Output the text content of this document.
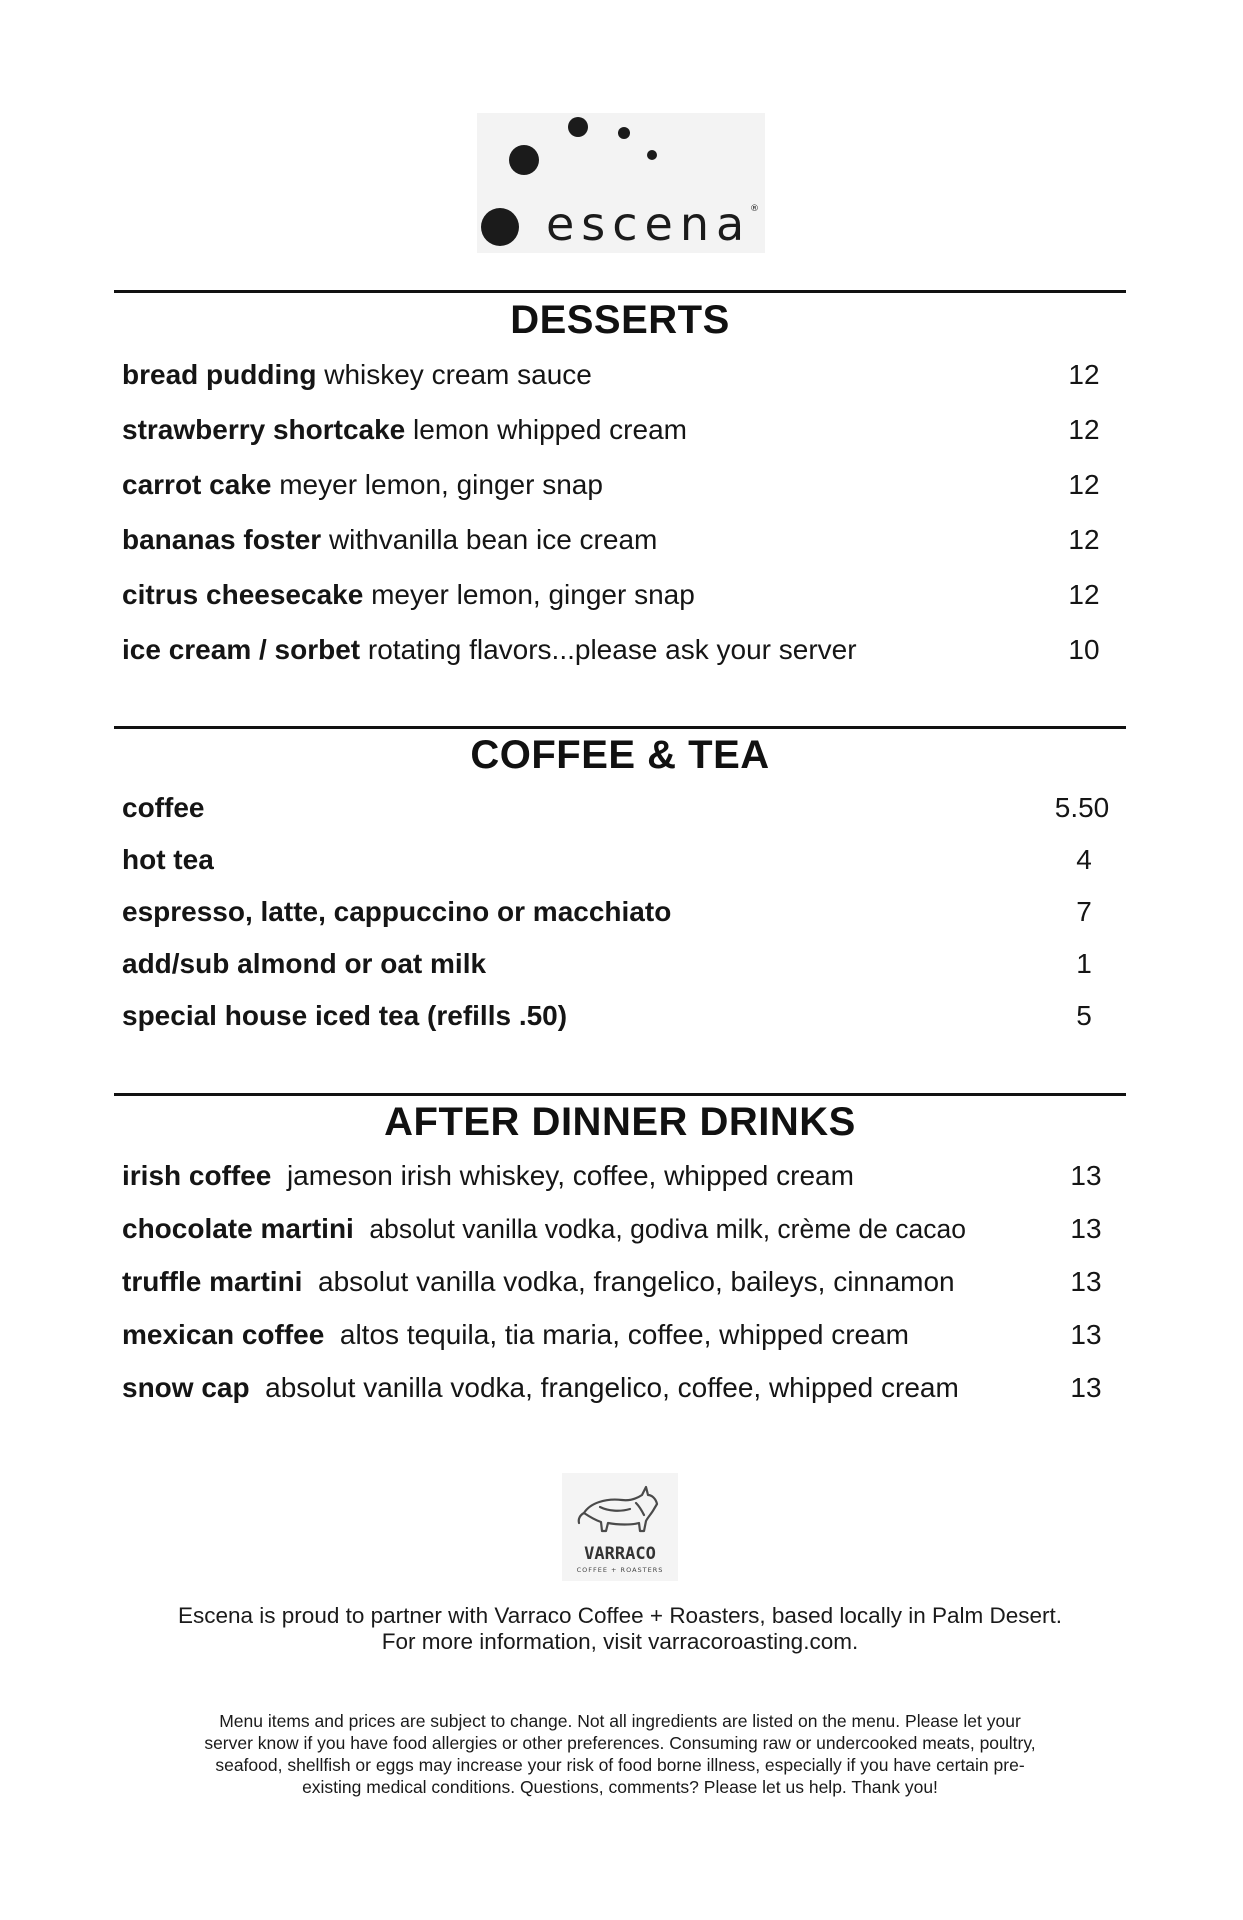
escena
®
DESSERTS
bread pudding whiskey cream sauce	12
strawberry shortcake lemon whipped cream	12
carrot cake meyer lemon, ginger snap	12
bananas foster withvanilla bean ice cream	12
citrus cheesecake meyer lemon, ginger snap	12
ice cream / sorbet rotating flavors...please ask your server	10
COFFEE & TEA
coffee	5.50
hot tea	4
espresso, latte, cappuccino or macchiato	7
add/sub almond or oat milk	1
special house iced tea (refills .50)	5
AFTER DINNER DRINKS
irish coffee jameson irish whiskey, coffee, whipped cream	13
chocolate martini absolut vanilla vodka, godiva milk, crème de cacao	13
truffle martini absolut vanilla vodka, frangelico, baileys, cinnamon	13
mexican coffee altos tequila, tia maria, coffee, whipped cream	13
snow cap absolut vanilla vodka, frangelico, coffee, whipped cream	13
VARRACO
COFFEE + ROASTERS
Escena is proud to partner with Varraco Coffee + Roasters, based locally in Palm Desert.
For more information, visit varracoroasting.com.
Menu items and prices are subject to change. Not all ingredients are listed on the menu. Please let your
server know if you have food allergies or other preferences. Consuming raw or undercooked meats, poultry,
seafood, shellfish or eggs may increase your risk of food borne illness, especially if you have certain pre-
existing medical conditions. Questions, comments? Please let us help. Thank you!
